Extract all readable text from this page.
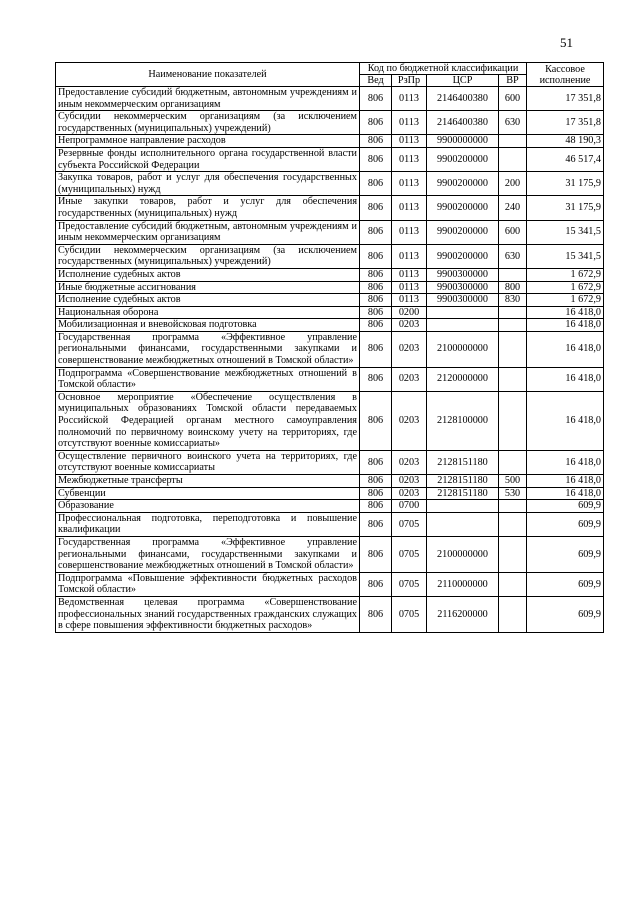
51
Наименование показателей	Код по бюджетной классификации				Кассовое исполнение
	Вед	РзПр	ЦСР	ВР	
Предоставление субсидий бюджетным, автономным учреждениям и иным некоммерческим организациям	806	0113	2146400380	600	17 351,8
Субсидии некоммерческим организациям (за исключением государственных (муниципальных) учреждений)	806	0113	2146400380	630	17 351,8
Непрограммное направление расходов	806	0113	9900000000		48 190,3
Резервные фонды исполнительного органа государственной власти субъекта Российской Федерации	806	0113	9900200000		46 517,4
Закупка товаров, работ и услуг для обеспечения государственных (муниципальных) нужд	806	0113	9900200000	200	31 175,9
Иные закупки товаров, работ и услуг для обеспечения государственных (муниципальных) нужд	806	0113	9900200000	240	31 175,9
Предоставление субсидий бюджетным, автономным учреждениям и иным некоммерческим организациям	806	0113	9900200000	600	15 341,5
Субсидии некоммерческим организациям (за исключением государственных (муниципальных) учреждений)	806	0113	9900200000	630	15 341,5
Исполнение судебных актов	806	0113	9900300000		1 672,9
Иные бюджетные ассигнования	806	0113	9900300000	800	1 672,9
Исполнение судебных актов	806	0113	9900300000	830	1 672,9
Национальная оборона	806	0200			16 418,0
Мобилизационная и вневойсковая подготовка	806	0203			16 418,0
Государственная программа «Эффективное управление региональными финансами, государственными закупками и совершенствование межбюджетных отношений в Томской области»	806	0203	2100000000		16 418,0
Подпрограмма «Совершенствование межбюджетных отношений в Томской области»	806	0203	2120000000		16 418,0
Основное мероприятие «Обеспечение осуществления в муниципальных образованиях Томской области передаваемых Российской Федерацией органам местного самоуправления полномочий по первичному воинскому учету на территориях, где отсутствуют военные комиссариаты»	806	0203	2128100000		16 418,0
Осуществление первичного воинского учета на территориях, где отсутствуют военные комиссариаты	806	0203	2128151180		16 418,0
Межбюджетные трансферты	806	0203	2128151180	500	16 418,0
Субвенции	806	0203	2128151180	530	16 418,0
Образование	806	0700			609,9
Профессиональная подготовка, переподготовка и повышение квалификации	806	0705			609,9
Государственная программа «Эффективное управление региональными финансами, государственными закупками и совершенствование межбюджетных отношений в Томской области»	806	0705	2100000000		609,9
Подпрограмма «Повышение эффективности бюджетных расходов Томской области»	806	0705	2110000000		609,9
Ведомственная целевая программа «Совершенствование профессиональных знаний государственных гражданских служащих в сфере повышения эффективности бюджетных расходов»	806	0705	2116200000		609,9
